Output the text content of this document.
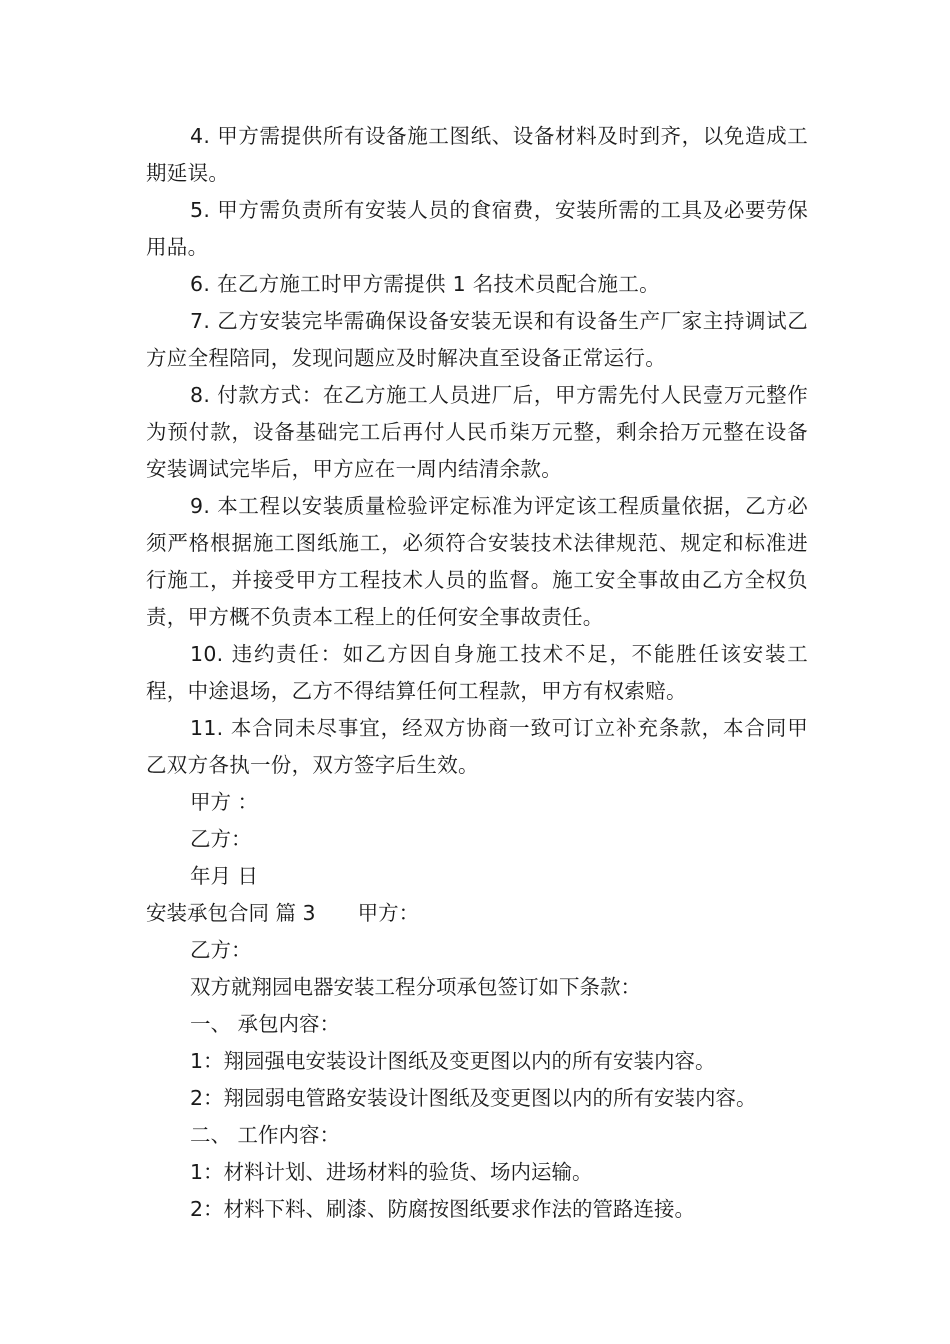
4. 甲方需提供所有设备施工图纸、设备材料及时到齐，以免造成工期延误。

5. 甲方需负责所有安装人员的食宿费，安装所需的工具及必要劳保用品。

6. 在乙方施工时甲方需提供 1 名技术员配合施工。

7. 乙方安装完毕需确保设备安装无误和有设备生产厂家主持调试乙方应全程陪同，发现问题应及时解决直至设备正常运行。

8. 付款方式：在乙方施工人员进厂后，甲方需先付人民壹万元整作为预付款，设备基础完工后再付人民币柒万元整，剩余拾万元整在设备安装调试完毕后，甲方应在一周内结清余款。

9. 本工程以安装质量检验评定标准为评定该工程质量依据，乙方必须严格根据施工图纸施工，必须符合安装技术法律规范、规定和标准进行施工，并接受甲方工程技术人员的监督。施工安全事故由乙方全权负责，甲方概不负责本工程上的任何安全事故责任。

10. 违约责任：如乙方因自身施工技术不足，不能胜任该安装工程，中途退场，乙方不得结算任何工程款，甲方有权索赔。

11. 本合同未尽事宜，经双方协商一致可订立补充条款，本合同甲乙双方各执一份，双方签字后生效。

甲方 ：

乙方：

年月 日

安装承包合同 篇 3 甲方：

乙方：

双方就翔园电器安装工程分项承包签订如下条款：

一、 承包内容：

1：翔园强电安装设计图纸及变更图以内的所有安装内容。

2：翔园弱电管路安装设计图纸及变更图以内的所有安装内容。

二、 工作内容：

1：材料计划、进场材料的验货、场内运输。

2：材料下料、刷漆、防腐按图纸要求作法的管路连接。
